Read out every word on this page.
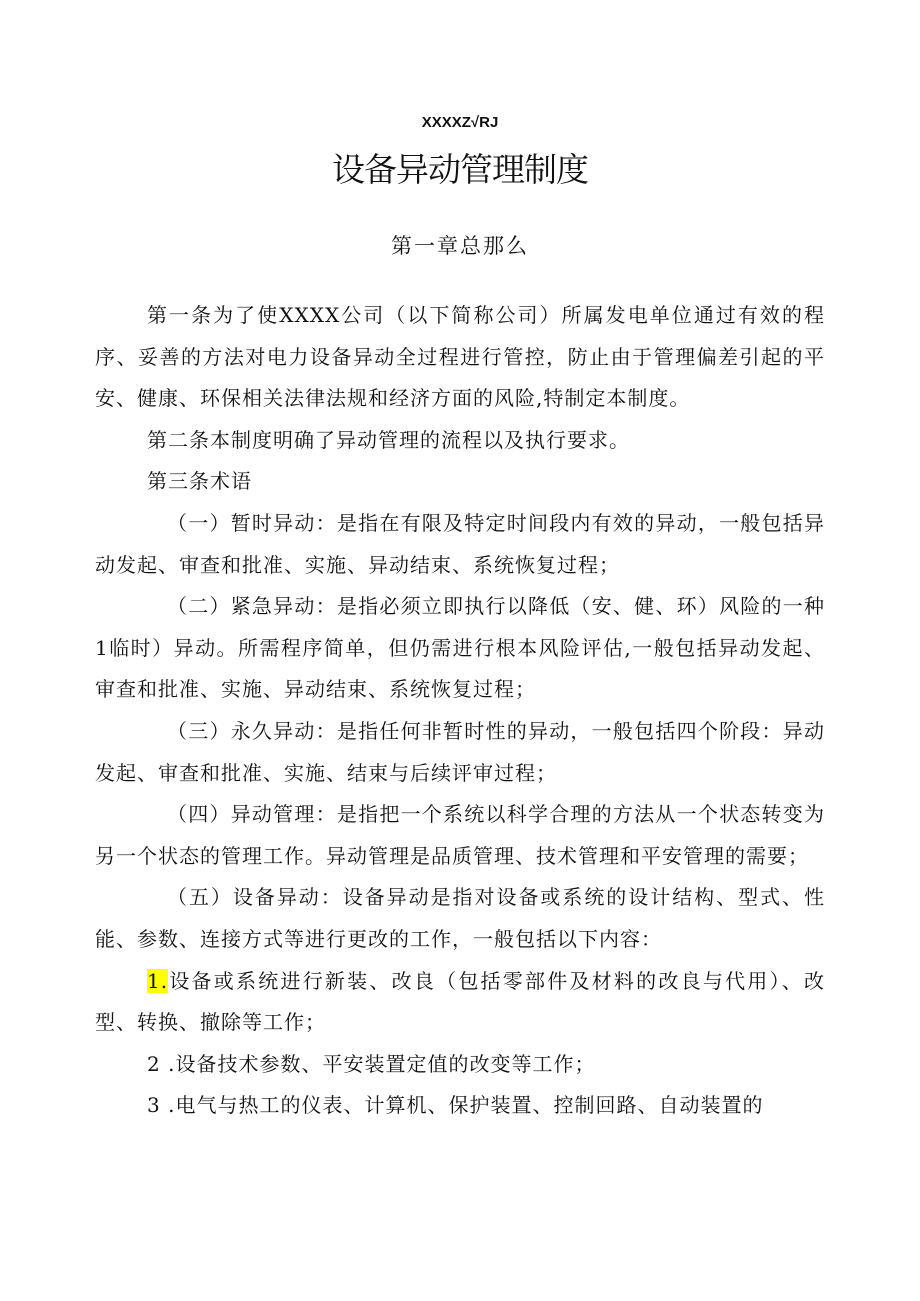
XXXXZ√RJ
设备异动管理制度
第一章总那么

第一条为了使XXXX公司（以下简称公司）所属发电单位通过有效的程序、妥善的方法对电力设备异动全过程进行管控，防止由于管理偏差引起的平安、健康、环保相关法律法规和经济方面的风险,特制定本制度。

第二条本制度明确了异动管理的流程以及执行要求。

第三条术语

（一）暂时异动：是指在有限及特定时间段内有效的异动，一般包括异动发起、审查和批准、实施、异动结束、系统恢复过程；

（二）紧急异动：是指必须立即执行以降低（安、健、环）风险的一种1临时）异动。所需程序简单，但仍需进行根本风险评估,一般包括异动发起、审查和批准、实施、异动结束、系统恢复过程；

（三）永久异动：是指任何非暂时性的异动，一般包括四个阶段：异动发起、审查和批准、实施、结束与后续评审过程；

（四）异动管理：是指把一个系统以科学合理的方法从一个状态转变为另一个状态的管理工作。异动管理是品质管理、技术管理和平安管理的需要；

（五）设备异动：设备异动是指对设备或系统的设计结构、型式、性能、参数、连接方式等进行更改的工作，一般包括以下内容：

1.设备或系统进行新装、改良（包括零部件及材料的改良与代用）、改型、转换、撤除等工作；

2 .设备技术参数、平安装置定值的改变等工作；

3 .电气与热工的仪表、计算机、保护装置、控制回路、自动装置的
